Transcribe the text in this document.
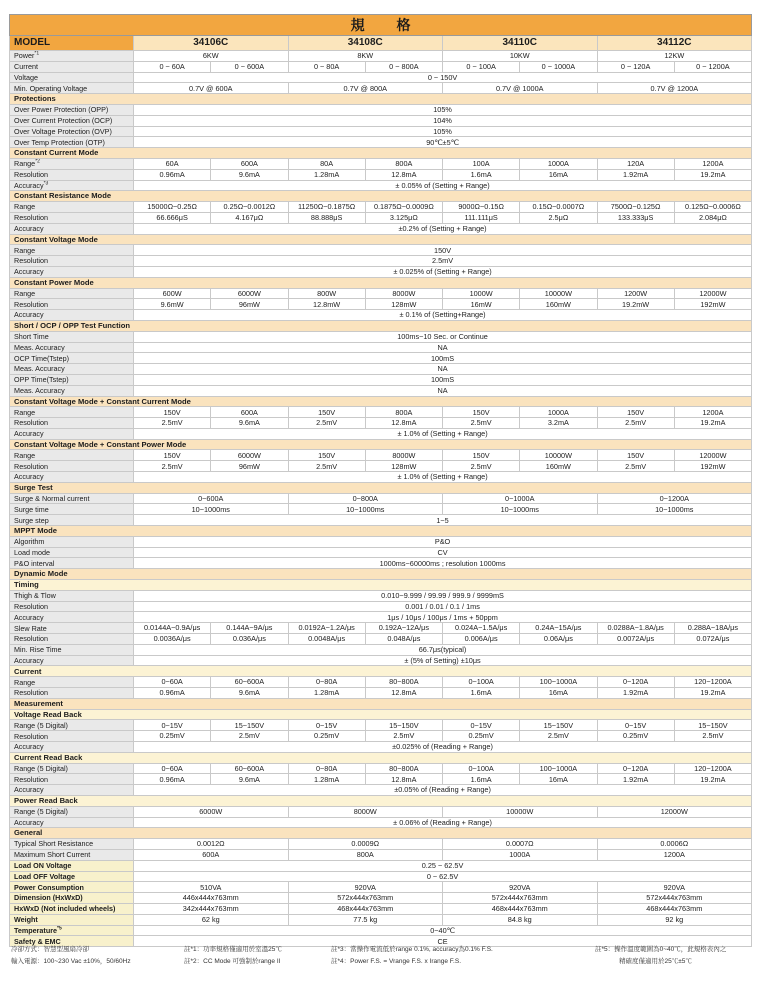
規 格								
MODEL	34106C		34108C		34110C		34112C	
Power$^{*1}$	6KW		8KW		10KW		12KW	
Current	0 ~ 60A	0 ~ 600A	0 ~ 80A	0 ~ 800A	0 ~ 100A	0 ~ 1000A	0 ~ 120A	0 ~ 1200A
Voltage	0 ~ 150V							
Min. Operating Voltage	0.7V @ 600A		0.7V @ 800A		0.7V @ 1000A		0.7V @ 1200A	
Protections								
Over Power Protection (OPP)	105%							
Over Current Protection (OCP)	104%							
Over Voltage Protection (OVP)	105%							
Over Temp Protection (OTP)	90℃±5℃							
Constant Current Mode								
Range$^{*2}$	60A	600A	80A	800A	100A	1000A	120A	1200A
Resolution	0.96mA	9.6mA	1.28mA	12.8mA	1.6mA	16mA	1.92mA	19.2mA
Accuracy$^{*3}$	± 0.05% of (Setting + Range)							
Constant Resistance Mode								
Range	15000Ω~0.25Ω	0.25Ω~0.0012Ω	11250Ω~0.1875Ω	0.1875Ω~0.0009Ω	9000Ω~0.15Ω	0.15Ω~0.0007Ω	7500Ω~0.125Ω	0.125Ω~0.0006Ω
Resolution	66.666μS	4.167μΩ	88.888μS	3.125μΩ	111.111μS	2.5μΩ	133.333μS	2.084μΩ
Accuracy	±0.2% of (Setting + Range)							
Constant Voltage Mode								
Range	150V							
Resolution	2.5mV							
Accuracy	± 0.025% of (Setting + Range)							
Constant Power Mode								
Range	600W	6000W	800W	8000W	1000W	10000W	1200W	12000W
Resolution	9.6mW	96mW	12.8mW	128mW	16mW	160mW	19.2mW	192mW
Accuracy	± 0.1% of (Setting+Range)							
Short / OCP / OPP Test Function								
Short Time	100ms~10 Sec. or Continue							
Meas. Accuracy	NA							
OCP Time(Tstep)	100mS							
Meas. Accuracy	NA							
OPP Time(Tstep)	100mS							
Meas. Accuracy	NA							
Constant Voltage Mode + Constant Current Mode								
Range	150V	600A	150V	800A	150V	1000A	150V	1200A
Resolution	2.5mV	9.6mA	2.5mV	12.8mA	2.5mV	3.2mA	2.5mV	19.2mA
Accuracy	± 1.0% of (Setting + Range)							
Constant Voltage Mode + Constant Power Mode								
Range	150V	6000W	150V	8000W	150V	10000W	150V	12000W
Resolution	2.5mV	96mW	2.5mV	128mW	2.5mV	160mW	2.5mV	192mW
Accuracy	± 1.0% of (Setting + Range)							
Surge Test								
Surge & Normal current	0~600A		0~800A		0~1000A		0~1200A	
Surge time	10~1000ms		10~1000ms		10~1000ms		10~1000ms	
Surge step	1~5							
MPPT Mode								
Algorithm	P&O							
Load mode	CV							
P&O interval	1000ms~60000ms ; resolution 1000ms							
Dynamic Mode								
Timing								
Thigh & Tlow	0.010~9.999 / 99.99 / 999.9 / 9999mS							
Resolution	0.001 / 0.01 / 0.1 / 1ms							
Accuracy	1μs / 10μs / 100μs / 1ms + 50ppm							
Slew Rate	0.0144A~0.9A/μs	0.144A~9A/μs	0.0192A~1.2A/μs	0.192A~12A/μs	0.024A~1.5A/μs	0.24A~15A/μs	0.0288A~1.8A/μs	0.288A~18A/μs
Resolution	0.0036A/μs	0.036A/μs	0.0048A/μs	0.048A/μs	0.006A/μs	0.06A/μs	0.0072A/μs	0.072A/μs
Min. Rise Time	66.7μs(typical)							
Accuracy	± (5% of Setting) ±10μs							
Current								
Range	0~60A	60~600A	0~80A	80~800A	0~100A	100~1000A	0~120A	120~1200A
Resolution	0.96mA	9.6mA	1.28mA	12.8mA	1.6mA	16mA	1.92mA	19.2mA
Measurement								
Voltage Read Back								
Range (5 Digital)	0~15V	15~150V	0~15V	15~150V	0~15V	15~150V	0~15V	15~150V
Resolution	0.25mV	2.5mV	0.25mV	2.5mV	0.25mV	2.5mV	0.25mV	2.5mV
Accuracy	±0.025% of (Reading + Range)							
Current Read Back								
Range (5 Digital)	0~60A	60~600A	0~80A	80~800A	0~100A	100~1000A	0~120A	120~1200A
Resolution	0.96mA	9.6mA	1.28mA	12.8mA	1.6mA	16mA	1.92mA	19.2mA
Accuracy	±0.05% of (Reading + Range)							
Power Read Back								
Range (5 Digital)	6000W		8000W		10000W		12000W	
Accuracy	± 0.06% of (Reading + Range)							
General								
Typical Short Resistance	0.0012Ω		0.0009Ω		0.0007Ω		0.0006Ω	
Maximum Short Current	600A		800A		1000A		1200A	
Load ON Voltage	0.25 ~ 62.5V							
Load OFF Voltage	0 ~ 62.5V							
Power Consumption	510VA		920VA		920VA		920VA	
Dimension (HxWxD)	446x444x763mm		572x444x763mm		572x444x763mm		572x444x763mm	
HxWxD (Not included wheels)	342x444x763mm		468x444x763mm		468x444x763mm		468x444x763mm	
Weight	62 kg		77.5 kg		84.8 kg		92 kg	
Temperature$^{*5}$	0~40℃							
Safety & EMC	CE							
冷卻方式：智慧型風扇冷卻
輸入電源：100~230 Vac ±10%，50/60Hz
註*1：功率規格僅適用於室溫25℃
註*2：CC Mode 可強制於range II
註*3：當操作電流低於range 0.1%, accuracy為0.1% F.S.
註*4：Power F.S. = Vrange F.S. x Irange F.S.
註*5：操作溫度範圍為0~40℃，此規格表內之
精確度僅適用於25℃±5℃
